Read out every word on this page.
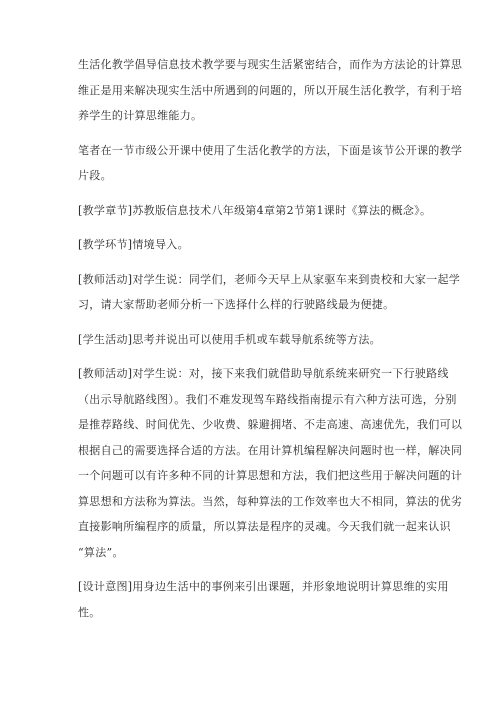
生活化教学倡导信息技术教学要与现实生活紧密结合，而作为方法论的计算思
维正是用来解决现实生活中所遇到的问题的，所以开展生活化教学，有利于培
养学生的计算思维能力。

笔者在一节市级公开课中使用了生活化教学的方法，下面是该节公开课的教学
片段。

[教学章节]苏教版信息技术八年级第4章第2节第1课时《算法的概念》。

[教学环节]情境导入。

[教师活动]对学生说：同学们，老师今天早上从家驱车来到贵校和大家一起学
习，请大家帮助老师分析一下选择什么样的行驶路线最为便捷。

[学生活动]思考并说出可以使用手机或车载导航系统等方法。

[教师活动]对学生说：对，接下来我们就借助导航系统来研究一下行驶路线
（出示导航路线图）。我们不难发现驾车路线指南提示有六种方法可选，分别
是推荐路线、时间优先、少收费、躲避拥堵、不走高速、高速优先，我们可以
根据自己的需要选择合适的方法。在用计算机编程解决问题时也一样，解决同
一个问题可以有许多种不同的计算思想和方法，我们把这些用于解决问题的计
算思想和方法称为算法。当然，每种算法的工作效率也大不相同，算法的优劣
直接影响所编程序的质量，所以算法是程序的灵魂。今天我们就一起来认识
“算法”。

[设计意图]用身边生活中的事例来引出课题，并形象地说明计算思维的实用
性。
